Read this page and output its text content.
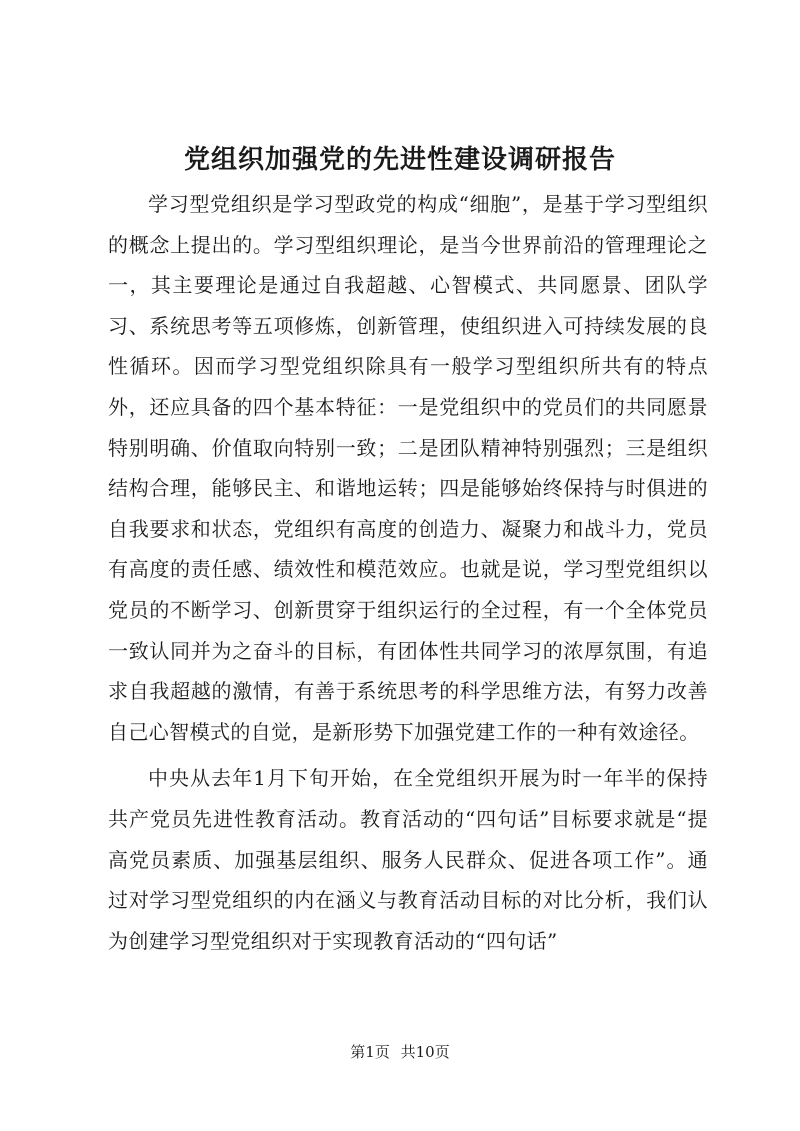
党组织加强党的先进性建设调研报告

学习型党组织是学习型政党的构成“细胞”，是基于学习型组织的概念上提出的。学习型组织理论，是当今世界前沿的管理理论之一，其主要理论是通过自我超越、心智模式、共同愿景、团队学习、系统思考等五项修炼，创新管理，使组织进入可持续发展的良性循环。因而学习型党组织除具有一般学习型组织所共有的特点外，还应具备的四个基本特征：一是党组织中的党员们的共同愿景特别明确、价值取向特别一致；二是团队精神特别强烈；三是组织结构合理，能够民主、和谐地运转；四是能够始终保持与时俱进的自我要求和状态，党组织有高度的创造力、凝聚力和战斗力，党员有高度的责任感、绩效性和模范效应。也就是说，学习型党组织以党员的不断学习、创新贯穿于组织运行的全过程，有一个全体党员一致认同并为之奋斗的目标，有团体性共同学习的浓厚氛围，有追求自我超越的激情，有善于系统思考的科学思维方法，有努力改善自己心智模式的自觉，是新形势下加强党建工作的一种有效途径。

中央从去年1月下旬开始，在全党组织开展为时一年半的保持共产党员先进性教育活动。教育活动的“四句话”目标要求就是“提高党员素质、加强基层组织、服务人民群众、促进各项工作”。通过对学习型党组织的内在涵义与教育活动目标的对比分析，我们认为创建学习型党组织对于实现教育活动的“四句话”

第1页 共10页
